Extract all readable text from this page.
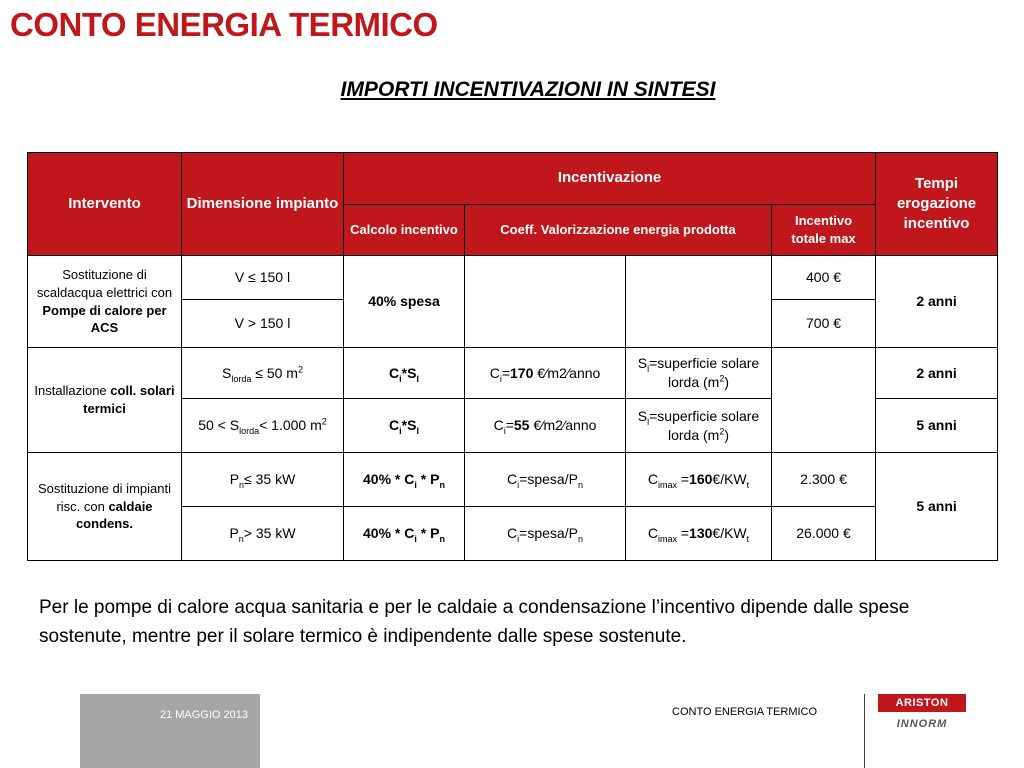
CONTO ENERGIA TERMICO
IMPORTI INCENTIVAZIONI IN SINTESI
Intervento	Dimensione impianto	Incentivazione				Tempi erogazione incentivo
		Calcolo incentivo	Coeff. Valorizzazione energia prodotta		Incentivo totale max	
Sostituzione di scaldacqua elettrici con Pompe di calore per ACS	V ≤ 150 l	40% spesa			400 €	2 anni
	V > 150 l				700 €	
Installazione coll. solari termici	$S_{lorda} \le 50$ $m^2$	$C_i*S_l$	$C_i=170$ €⁄m2⁄anno	$S_l=superficie$ solare lorda $(m^2)$		2 anni
	$50 < S_{lorda}< 1.000$ $m^2$	$C_i*S_l$	$C_i=55$ €⁄m2⁄anno	$S_l=superficie$ solare lorda $(m^2)$		5 anni
Sostituzione di impianti risc. con caldaie condens.	$P_n\le 35$ kW	$40\% * C_i * P_n$	$C_i=spesa/P_n$	$C_{imax}$ $=160€/KW_t$	2.300 €	5 anni
	$P_n> 35$ kW	$40\% * C_i * P_n$	$C_i=spesa/P_n$	$C_{imax}$ $=130€/KW_t$	26.000 €	

Per le pompe di calore acqua sanitaria e per le caldaie a condensazione l’incentivo dipende dalle spese sostenute, mentre per il solare termico è indipendente dalle spese sostenute.

21 MAGGIO 2013	CONTO ENERGIA TERMICO
ARISTON
INNORM
